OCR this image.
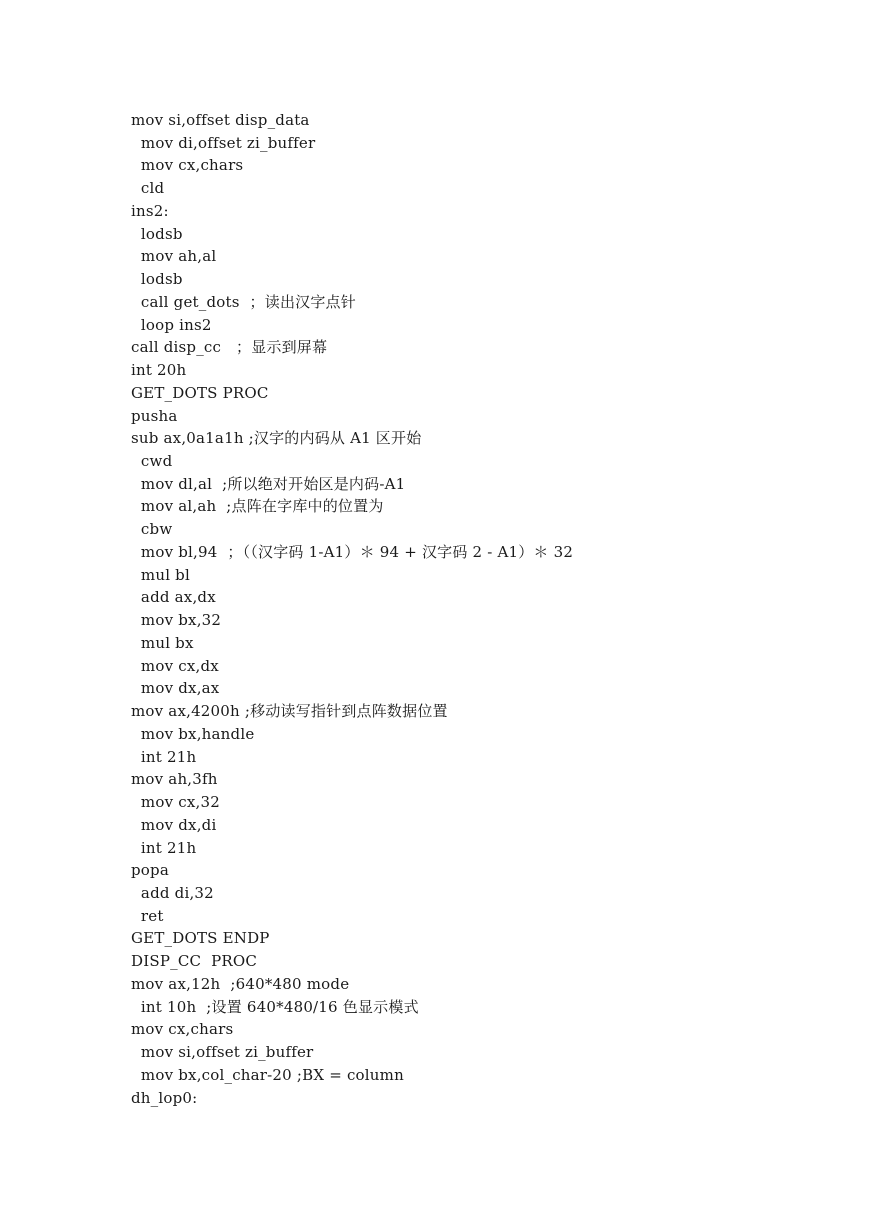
mov si,offset disp_data
mov di,offset zi_buffer
mov cx,chars
cld
ins2:
lodsb
mov ah,al
lodsb
call get_dots  ；读出汉字点针
loop ins2
call disp_cc   ；显示到屏幕
int 20h
GET_DOTS PROC
pusha
sub ax,0a1a1h ;汉字的内码从 A1 区开始
cwd
mov dl,al  ;所以绝对开始区是内码-A1
mov al,ah  ;点阵在字库中的位置为
cbw
mov bl,94  ；（（汉字码 1-A1）＊ 94 + 汉字码 2 - A1）＊ 32
mul bl
add ax,dx
mov bx,32
mul bx
mov cx,dx
mov dx,ax
mov ax,4200h ;移动读写指针到点阵数据位置
mov bx,handle
int 21h
mov ah,3fh
mov cx,32
mov dx,di
int 21h
popa
add di,32
ret
GET_DOTS ENDP
DISP_CC  PROC
mov ax,12h  ;640*480 mode
int 10h  ;设置 640*480/16 色显示模式
mov cx,chars
mov si,offset zi_buffer
mov bx,col_char-20 ;BX = column
dh_lop0:
